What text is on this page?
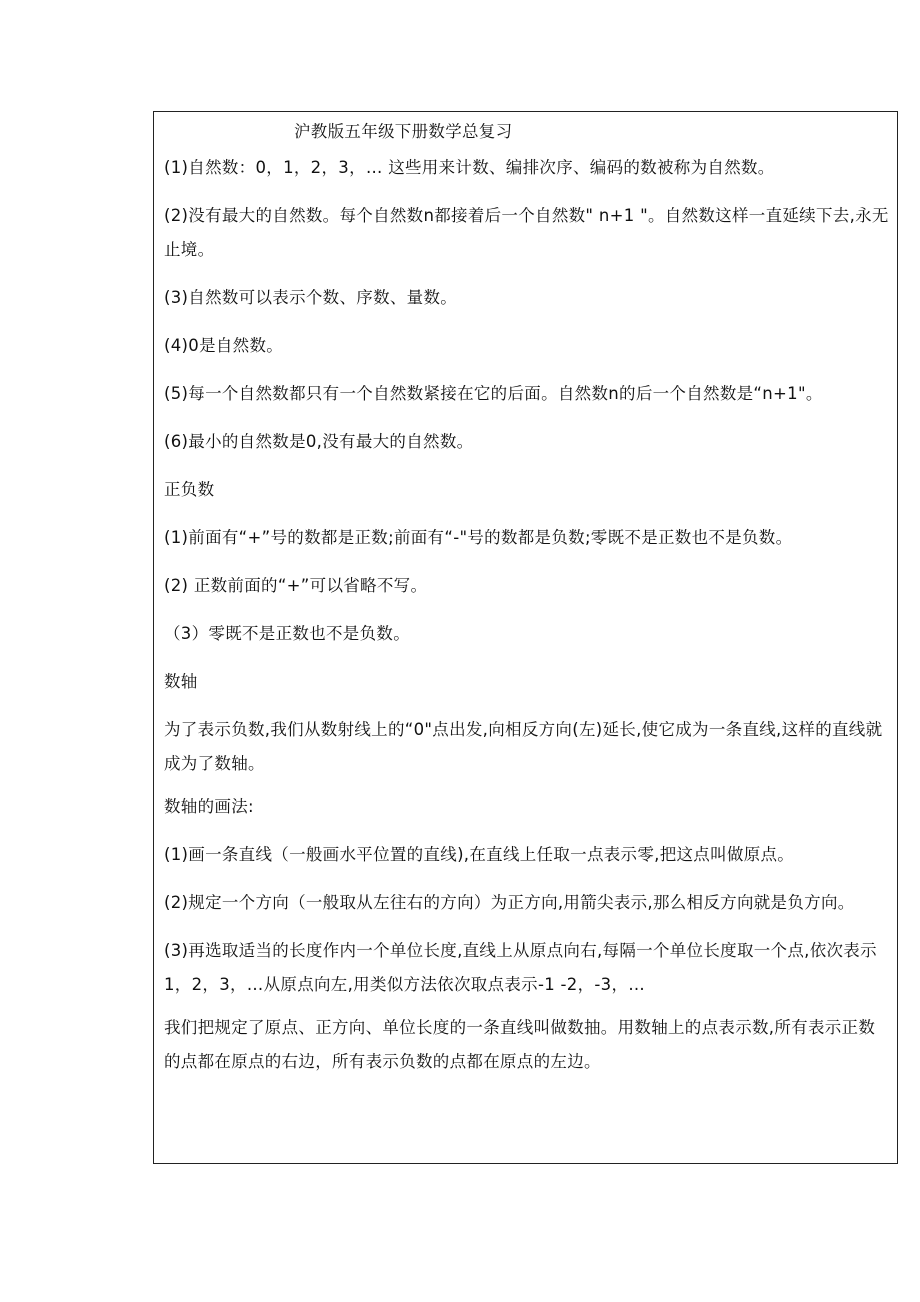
沪教版五年级下册数学总复习

(1)自然数：0，1，2，3，… 这些用来计数、编排次序、编码的数被称为自然数。

(2)没有最大的自然数。每个自然数n都接着后一个自然数" n+1 "。自然数这样一直延续下去,永无止境。

(3)自然数可以表示个数、序数、量数。

(4)0是自然数。

(5)每一个自然数都只有一个自然数紧接在它的后面。自然数n的后一个自然数是“n+1"。

(6)最小的自然数是0,没有最大的自然数。

正负数

(1)前面有“+”号的数都是正数;前面有“-"号的数都是负数;零既不是正数也不是负数。

(2) 正数前面的“+”可以省略不写。

（3）零既不是正数也不是负数。

数轴

为了表示负数,我们从数射线上的“0"点出发,向相反方向(左)延长,使它成为一条直线,这样的直线就成为了数轴。

数轴的画法:

(1)画一条直线（一般画水平位置的直线),在直线上任取一点表示零,把这点叫做原点。

(2)规定一个方向（一般取从左往右的方向）为正方向,用箭尖表示,那么相反方向就是负方向。

(3)再选取适当的长度作内一个单位长度,直线上从原点向右,每隔一个单位长度取一个点,依次表示1，2，3，…从原点向左,用类似方法依次取点表示-1 -2，-3，…

我们把规定了原点、正方向、单位长度的一条直线叫做数抽。用数轴上的点表示数,所有表示正数的点都在原点的右边，所有表示负数的点都在原点的左边。
